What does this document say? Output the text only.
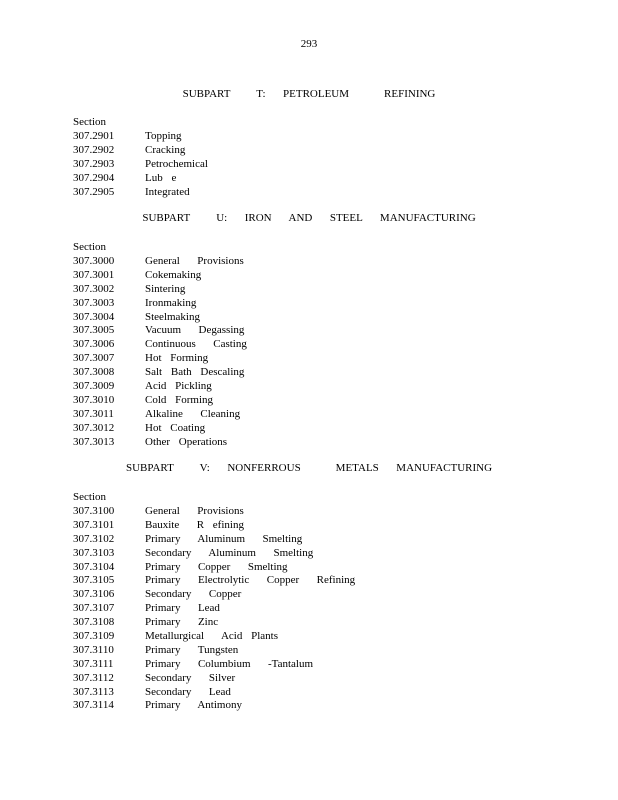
293
SUBPART   T:  PETROLEUM    REFINING
Section
307.2901	Topping
307.2902	Cracking
307.2903	Petrochemical
307.2904	Lub e
307.2905	Integrated
SUBPART   U:  IRON  AND  STEEL  MANUFACTURING
Section
307.3000	General  Provisions
307.3001	Cokemaking
307.3002	Sintering
307.3003	Ironmaking
307.3004	Steelmaking
307.3005	Vacuum  Degassing
307.3006	Continuous  Casting
307.3007	Hot Forming
307.3008	Salt Bath Descaling
307.3009	Acid Pickling
307.3010	Cold Forming
307.3011	Alkaline  Cleaning
307.3012	Hot Coating
307.3013	Other Operations
SUBPART   V:  NONFERROUS    METALS  MANUFACTURING
Section
307.3100	General  Provisions
307.3101	Bauxite  R efining
307.3102	Primary  Aluminum  Smelting
307.3103	Secondary  Aluminum  Smelting
307.3104	Primary  Copper  Smelting
307.3105	Primary  Electrolytic  Copper  Refining
307.3106	Secondary  Copper
307.3107	Primary  Lead
307.3108	Primary  Zinc
307.3109	Metallurgical  Acid Plants
307.3110	Primary  Tungsten
307.3111	Primary  Columbium  -Tantalum
307.3112	Secondary  Silver
307.3113	Secondary  Lead
307.3114	Primary  Antimony
